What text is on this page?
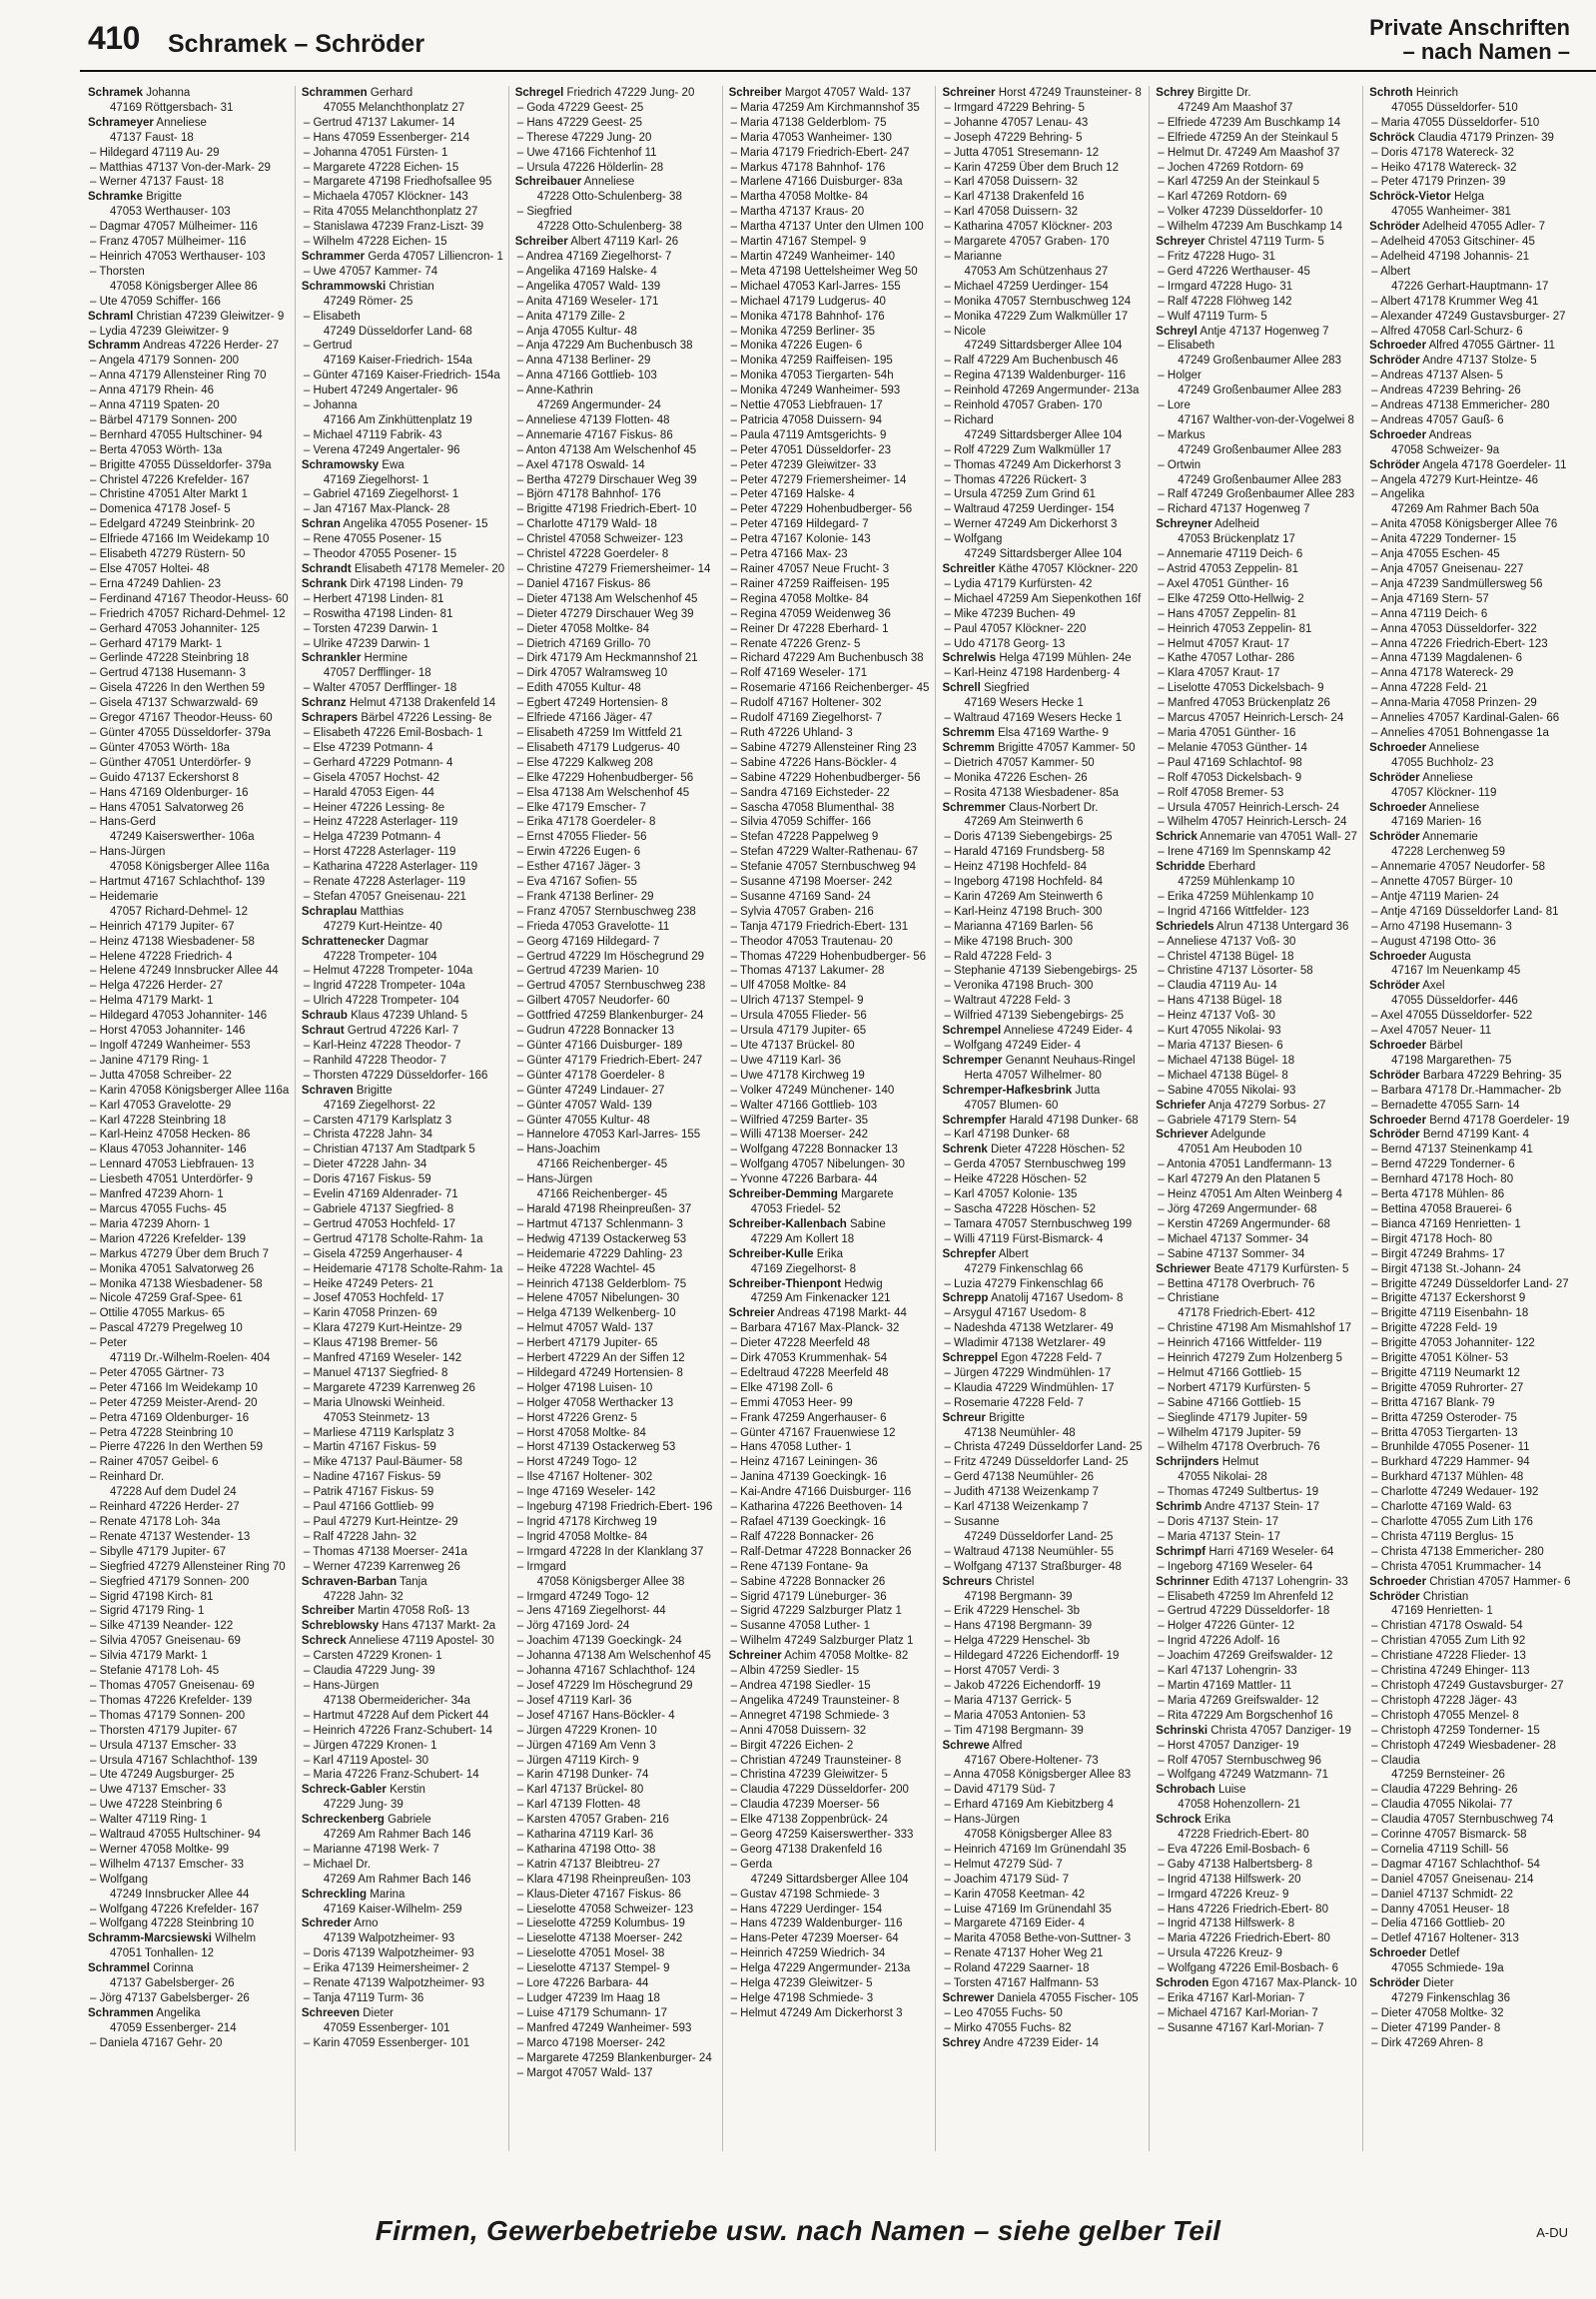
410 Schramek – Schröder
Private Anschriften
– nach Namen –
Schramek Johanna
47169 Röttgersbach- 31
Schrameyer Anneliese
47137 Faust- 18
– Hildegard 47119 Au- 29
– Matthias 47137 Von-der-Mark- 29
– Werner 47137 Faust- 18
Schramke Brigitte
47053 Werthauser- 103
– Dagmar 47057 Mülheimer- 116
– Franz 47057 Mülheimer- 116
– Heinrich 47053 Werthauser- 103
– Thorsten
47058 Königsberger Allee 86
– Ute 47059 Schiffer- 166
Schraml Christian 47239 Gleiwitzer- 9
– Lydia 47239 Gleiwitzer- 9
Schramm Andreas 47226 Herder- 27
– Angela 47179 Sonnen- 200
– Anna 47179 Allensteiner Ring 70
– Anna 47179 Rhein- 46
– Anna 47119 Spaten- 20
– Bärbel 47179 Sonnen- 200
– Bernhard 47055 Hultschiner- 94
– Berta 47053 Wörth- 13a
– Brigitte 47055 Düsseldorfer- 379a
– Christel 47226 Krefelder- 167
– Christine 47051 Alter Markt 1
– Domenica 47178 Josef- 5
– Edelgard 47249 Steinbrink- 20
– Elfriede 47166 Im Weidekamp 10
– Elisabeth 47279 Rüstern- 50
– Else 47057 Holtei- 48
– Erna 47249 Dahlien- 23
– Ferdinand 47167 Theodor-Heuss- 60
– Friedrich 47057 Richard-Dehmel- 12
– Gerhard 47053 Johanniter- 125
– Gerhard 47179 Markt- 1
– Gerlinde 47228 Steinbring 18
– Gertrud 47138 Husemann- 3
– Gisela 47226 In den Werthen 59
– Gisela 47137 Schwarzwald- 69
– Gregor 47167 Theodor-Heuss- 60
– Günter 47055 Düsseldorfer- 379a
– Günter 47053 Wörth- 18a
– Günther 47051 Unterdörfer- 9
– Guido 47137 Eckershorst 8
– Hans 47169 Oldenburger- 16
– Hans 47051 Salvatorweg 26
– Hans-Gerd
47249 Kaiserswerther- 106a
– Hans-Jürgen
47058 Königsberger Allee 116a
– Hartmut 47167 Schlachthof- 139
– Heidemarie
47057 Richard-Dehmel- 12
– Heinrich 47179 Jupiter- 67
– Heinz 47138 Wiesbadener- 58
– Helene 47228 Friedrich- 4
– Helene 47249 Innsbrucker Allee 44
– Helga 47226 Herder- 27
– Helma 47179 Markt- 1
– Hildegard 47053 Johanniter- 146
– Horst 47053 Johanniter- 146
– Ingolf 47249 Wanheimer- 553
– Janine 47179 Ring- 1
– Jutta 47058 Schreiber- 22
– Karin 47058 Königsberger Allee 116a
– Karl 47053 Gravelotte- 29
– Karl 47228 Steinbring 18
– Karl-Heinz 47058 Hecken- 86
– Klaus 47053 Johanniter- 146
– Lennard 47053 Liebfrauen- 13
– Liesbeth 47051 Unterdörfer- 9
– Manfred 47239 Ahorn- 1
– Marcus 47055 Fuchs- 45
– Maria 47239 Ahorn- 1
– Marion 47226 Krefelder- 139
– Markus 47279 Über dem Bruch 7
– Monika 47051 Salvatorweg 26
– Monika 47138 Wiesbadener- 58
– Nicole 47259 Graf-Spee- 61
– Ottilie 47055 Markus- 65
– Pascal 47279 Pregelweg 10
– Peter
47119 Dr.-Wilhelm-Roelen- 404
– Peter 47055 Gärtner- 73
– Peter 47166 Im Weidekamp 10
– Peter 47259 Meister-Arend- 20
– Petra 47169 Oldenburger- 16
– Petra 47228 Steinbring 10
– Pierre 47226 In den Werthen 59
– Rainer 47057 Geibel- 6
– Reinhard Dr.
47228 Auf dem Dudel 24
– Reinhard 47226 Herder- 27
– Renate 47178 Loh- 34a
– Renate 47137 Westender- 13
– Sibylle 47179 Jupiter- 67
– Siegfried 47279 Allensteiner Ring 70
– Siegfried 47179 Sonnen- 200
– Sigrid 47198 Kirch- 81
– Sigrid 47179 Ring- 1
– Silke 47139 Neander- 122
– Silvia 47057 Gneisenau- 69
– Silvia 47179 Markt- 1
– Stefanie 47178 Loh- 45
– Thomas 47057 Gneisenau- 69
– Thomas 47226 Krefelder- 139
– Thomas 47179 Sonnen- 200
– Thorsten 47179 Jupiter- 67
– Ursula 47137 Emscher- 33
– Ursula 47167 Schlachthof- 139
– Ute 47249 Augsburger- 25
– Uwe 47137 Emscher- 33
– Uwe 47228 Steinbring 6
– Walter 47119 Ring- 1
– Waltraud 47055 Hultschiner- 94
– Werner 47058 Moltke- 99
– Wilhelm 47137 Emscher- 33
– Wolfgang
47249 Innsbrucker Allee 44
– Wolfgang 47226 Krefelder- 167
– Wolfgang 47228 Steinbring 10
Schramm-Marcsiewski Wilhelm
47051 Tonhallen- 12
Schrammel Corinna
47137 Gabelsberger- 26
– Jörg 47137 Gabelsberger- 26
Schrammen Angelika
47059 Essenberger- 214
– Daniela 47167 Gehr- 20
Schrammen Gerhard
47055 Melanchthonplatz 27
– Gertrud 47137 Lakumer- 14
– Hans 47059 Essenberger- 214
– Johanna 47051 Fürsten- 1
– Margarete 47228 Eichen- 15
– Margarete 47198 Friedhofsallee 95
– Michaela 47057 Klöckner- 143
– Rita 47055 Melanchthonplatz 27
– Stanislawa 47239 Franz-Liszt- 39
– Wilhelm 47228 Eichen- 15
Schrammer Gerda 47057 Lilliencron- 1
– Uwe 47057 Kammer- 74
Schrammowski Christian
47249 Römer- 25
– Elisabeth
47249 Düsseldorfer Land- 68
– Gertrud
47169 Kaiser-Friedrich- 154a
– Günter 47169 Kaiser-Friedrich- 154a
– Hubert 47249 Angertaler- 96
– Johanna
47166 Am Zinkhüttenplatz 19
– Michael 47119 Fabrik- 43
– Verena 47249 Angertaler- 96
Schramowsky Ewa
47169 Ziegelhorst- 1
– Gabriel 47169 Ziegelhorst- 1
– Jan 47167 Max-Planck- 28
Schran Angelika 47055 Posener- 15
– Rene 47055 Posener- 15
– Theodor 47055 Posener- 15
Schrandt Elisabeth 47178 Memeler- 20
Schrank Dirk 47198 Linden- 79
– Herbert 47198 Linden- 81
– Roswitha 47198 Linden- 81
– Torsten 47239 Darwin- 1
– Ulrike 47239 Darwin- 1
Schrankler Hermine
47057 Derfflinger- 18
– Walter 47057 Derfflinger- 18
Schranz Helmut 47138 Drakenfeld 14
Schrapers Bärbel 47226 Lessing- 8e
– Elisabeth 47226 Emil-Bosbach- 1
– Else 47239 Potmann- 4
– Gerhard 47229 Potmann- 4
– Gisela 47057 Hochst- 42
– Harald 47053 Eigen- 44
– Heiner 47226 Lessing- 8e
– Heinz 47228 Asterlager- 119
– Helga 47239 Potmann- 4
– Horst 47228 Asterlager- 119
– Katharina 47228 Asterlager- 119
– Renate 47228 Asterlager- 119
– Stefan 47057 Gneisenau- 221
Schraplau Matthias
47279 Kurt-Heintze- 40
Schrattenecker Dagmar
47228 Trompeter- 104
– Helmut 47228 Trompeter- 104a
– Ingrid 47228 Trompeter- 104a
– Ulrich 47228 Trompeter- 104
Schraub Klaus 47239 Uhland- 5
Schraut Gertrud 47226 Karl- 7
– Karl-Heinz 47228 Theodor- 7
– Ranhild 47228 Theodor- 7
– Thorsten 47229 Düsseldorfer- 166
Schraven Brigitte
47169 Ziegelhorst- 22
– Carsten 47179 Karlsplatz 3
– Christa 47228 Jahn- 34
– Christian 47137 Am Stadtpark 5
– Dieter 47228 Jahn- 34
– Doris 47167 Fiskus- 59
– Evelin 47169 Aldenrader- 71
– Gabriele 47137 Siegfried- 8
– Gertrud 47053 Hochfeld- 17
– Gertrud 47178 Scholte-Rahm- 1a
– Gisela 47259 Angerhauser- 4
– Heidemarie 47178 Scholte-Rahm- 1a
– Heike 47249 Peters- 21
– Josef 47053 Hochfeld- 17
– Karin 47058 Prinzen- 69
– Klara 47279 Kurt-Heintze- 29
– Klaus 47198 Bremer- 56
– Manfred 47169 Weseler- 142
– Manuel 47137 Siegfried- 8
– Margarete 47239 Karrenweg 26
– Maria Ulnowski Weinheid.
47053 Steinmetz- 13
– Marliese 47119 Karlsplatz 3
– Martin 47167 Fiskus- 59
– Mike 47137 Paul-Bäumer- 58
– Nadine 47167 Fiskus- 59
– Patrik 47167 Fiskus- 59
– Paul 47166 Gottlieb- 99
– Paul 47279 Kurt-Heintze- 29
– Ralf 47228 Jahn- 32
– Thomas 47138 Moerser- 241a
– Werner 47239 Karrenweg 26
Schraven-Barban Tanja
47228 Jahn- 32
Schreiber Martin 47058 Roß- 13
Schreblowsky Hans 47137 Markt- 2a
Schreck Anneliese 47119 Apostel- 30
– Carsten 47229 Kronen- 1
– Claudia 47229 Jung- 39
– Hans-Jürgen
47138 Obermeidericher- 34a
– Hartmut 47228 Auf dem Pickert 44
– Heinrich 47226 Franz-Schubert- 14
– Jürgen 47229 Kronen- 1
– Karl 47119 Apostel- 30
– Maria 47226 Franz-Schubert- 14
Schreck-Gabler Kerstin
47229 Jung- 39
Schreckenberg Gabriele
47269 Am Rahmer Bach 146
– Marianne 47198 Werk- 7
– Michael Dr.
47269 Am Rahmer Bach 146
Schreckling Marina
47169 Kaiser-Wilhelm- 259
Schreder Arno
47139 Walpotzheimer- 93
– Doris 47139 Walpotzheimer- 93
– Erika 47139 Heimersheimer- 2
– Renate 47139 Walpotzheimer- 93
– Tanja 47119 Turm- 36
Schreeven Dieter
47059 Essenberger- 101
– Karin 47059 Essenberger- 101
Schregel Friedrich 47229 Jung- 20
– Goda 47229 Geest- 25
– Hans 47229 Geest- 25
– Therese 47229 Jung- 20
– Uwe 47166 Fichtenhof 11
– Ursula 47226 Hölderlin- 28
Schreibauer Anneliese
47228 Otto-Schulenberg- 38
– Siegfried
47228 Otto-Schulenberg- 38
Schreiber Albert 47119 Karl- 26
– Andrea 47169 Ziegelhorst- 7
– Angelika 47169 Halske- 4
– Angelika 47057 Wald- 139
– Anita 47169 Weseler- 171
– Anita 47179 Zille- 2
– Anja 47055 Kultur- 48
– Anja 47229 Am Buchenbusch 38
– Anna 47138 Berliner- 29
– Anna 47166 Gottlieb- 103
– Anne-Kathrin
47269 Angermunder- 24
– Anneliese 47139 Flotten- 48
– Annemarie 47167 Fiskus- 86
– Anton 47138 Am Welschenhof 45
– Axel 47178 Oswald- 14
– Bertha 47279 Dirschauer Weg 39
– Björn 47178 Bahnhof- 176
– Brigitte 47198 Friedrich-Ebert- 10
– Charlotte 47179 Wald- 18
– Christel 47058 Schweizer- 123
– Christel 47228 Goerdeler- 8
– Christine 47279 Friemersheimer- 14
– Daniel 47167 Fiskus- 86
– Dieter 47138 Am Welschenhof 45
– Dieter 47279 Dirschauer Weg 39
– Dieter 47058 Moltke- 84
– Dietrich 47169 Grillo- 70
– Dirk 47179 Am Heckmannshof 21
– Dirk 47057 Walramsweg 10
– Edith 47055 Kultur- 48
– Egbert 47249 Hortensien- 8
– Elfriede 47166 Jäger- 47
– Elisabeth 47259 Im Wittfeld 21
– Elisabeth 47179 Ludgerus- 40
– Else 47229 Kalkweg 208
– Elke 47229 Hohenbudberger- 56
– Elsa 47138 Am Welschenhof 45
– Elke 47179 Emscher- 7
– Erika 47178 Goerdeler- 8
– Ernst 47055 Flieder- 56
– Erwin 47226 Eugen- 6
– Esther 47167 Jäger- 3
– Eva 47167 Sofien- 55
– Frank 47138 Berliner- 29
– Franz 47057 Sternbuschweg 238
– Frieda 47053 Gravelotte- 11
– Georg 47169 Hildegard- 7
– Gertrud 47229 Im Höschegrund 29
– Gertrud 47239 Marien- 10
– Gertrud 47057 Sternbuschweg 238
– Gilbert 47057 Neudorfer- 60
– Gottfried 47259 Blankenburger- 24
– Gudrun 47228 Bonnacker 13
– Günter 47166 Duisburger- 189
– Günter 47179 Friedrich-Ebert- 247
– Günter 47178 Goerdeler- 8
– Günter 47249 Lindauer- 27
– Günter 47057 Wald- 139
– Günter 47055 Kultur- 48
– Hannelore 47053 Karl-Jarres- 155
– Hans-Joachim
47166 Reichenberger- 45
– Hans-Jürgen
47166 Reichenberger- 45
– Harald 47198 Rheinpreußen- 37
– Hartmut 47137 Schlenmann- 3
– Hedwig 47139 Ostackerweg 53
– Heidemarie 47229 Dahling- 23
– Heike 47228 Wachtel- 45
– Heinrich 47138 Gelderblom- 75
– Helene 47057 Nibelungen- 30
– Helga 47139 Welkenberg- 10
– Helmut 47057 Wald- 137
– Herbert 47179 Jupiter- 65
– Herbert 47229 An der Siffen 12
– Hildegard 47249 Hortensien- 8
– Holger 47198 Luisen- 10
– Holger 47058 Werthacker 13
– Horst 47226 Grenz- 5
– Horst 47058 Moltke- 84
– Horst 47139 Ostackerweg 53
– Horst 47249 Togo- 12
– Ilse 47167 Holtener- 302
– Inge 47169 Weseler- 142
– Ingeburg 47198 Friedrich-Ebert- 196
– Ingrid 47178 Kirchweg 19
– Ingrid 47058 Moltke- 84
– Irmgard 47228 In der Klanklang 37
– Irmgard
47058 Königsberger Allee 38
– Irmgard 47249 Togo- 12
– Jens 47169 Ziegelhorst- 44
– Jörg 47169 Jord- 24
– Joachim 47139 Goeckingk- 24
– Johanna 47138 Am Welschenhof 45
– Johanna 47167 Schlachthof- 124
– Josef 47229 Im Höschegrund 29
– Josef 47119 Karl- 36
– Josef 47167 Hans-Böckler- 4
– Jürgen 47229 Kronen- 10
– Jürgen 47169 Am Venn 3
– Jürgen 47119 Kirch- 9
– Karin 47198 Dunker- 74
– Karl 47137 Brückel- 80
– Karl 47139 Flotten- 48
– Karsten 47057 Graben- 216
– Katharina 47119 Karl- 36
– Katharina 47198 Otto- 38
– Katrin 47137 Bleibtreu- 27
– Klara 47198 Rheinpreußen- 103
– Klaus-Dieter 47167 Fiskus- 86
– Lieselotte 47058 Schweizer- 123
– Lieselotte 47259 Kolumbus- 19
– Lieselotte 47138 Moerser- 242
– Lieselotte 47051 Mosel- 38
– Lieselotte 47137 Stempel- 9
– Lore 47226 Barbara- 44
– Ludger 47239 Im Haag 18
– Luise 47179 Schumann- 17
– Manfred 47249 Wanheimer- 593
– Marco 47198 Moerser- 242
– Margarete 47259 Blankenburger- 24
– Margot 47057 Wald- 137
Schreiber Margot 47057 Wald- 137
– Maria 47259 Am Kirchmannshof 35
– Maria 47138 Gelderblom- 75
– Maria 47053 Wanheimer- 130
– Maria 47179 Friedrich-Ebert- 247
– Markus 47178 Bahnhof- 176
– Marlene 47166 Duisburger- 83a
– Martha 47058 Moltke- 84
– Martha 47137 Kraus- 20
– Martha 47137 Unter den Ulmen 100
– Martin 47167 Stempel- 9
– Martin 47249 Wanheimer- 140
– Meta 47198 Uettelsheimer Weg 50
– Michael 47053 Karl-Jarres- 155
– Michael 47179 Ludgerus- 40
– Monika 47178 Bahnhof- 176
– Monika 47259 Berliner- 35
– Monika 47226 Eugen- 6
– Monika 47259 Raiffeisen- 195
– Monika 47053 Tiergarten- 54h
– Monika 47249 Wanheimer- 593
– Nettie 47053 Liebfrauen- 17
– Patricia 47058 Duissern- 94
– Paula 47119 Amtsgerichts- 9
– Peter 47051 Düsseldorfer- 23
– Peter 47239 Gleiwitzer- 33
– Peter 47279 Friemersheimer- 14
– Peter 47169 Halske- 4
– Peter 47229 Hohenbudberger- 56
– Peter 47169 Hildegard- 7
– Petra 47167 Kolonie- 143
– Petra 47166 Max- 23
– Rainer 47057 Neue Frucht- 3
– Rainer 47259 Raiffeisen- 195
– Regina 47058 Moltke- 84
– Regina 47059 Weidenweg 36
– Reiner Dr 47228 Eberhard- 1
– Renate 47226 Grenz- 5
– Richard 47229 Am Buchenbusch 38
– Rolf 47169 Weseler- 171
– Rosemarie 47166 Reichenberger- 45
– Rudolf 47167 Holtener- 302
– Rudolf 47169 Ziegelhorst- 7
– Ruth 47226 Uhland- 3
– Sabine 47279 Allensteiner Ring 23
– Sabine 47226 Hans-Böckler- 4
– Sabine 47229 Hohenbudberger- 56
– Sandra 47169 Eichsteder- 22
– Sascha 47058 Blumenthal- 38
– Silvia 47059 Schiffer- 166
– Stefan 47228 Pappelweg 9
– Stefan 47229 Walter-Rathenau- 67
– Stefanie 47057 Sternbuschweg 94
– Susanne 47198 Moerser- 242
– Susanne 47169 Sand- 24
– Sylvia 47057 Graben- 216
– Tanja 47179 Friedrich-Ebert- 131
– Theodor 47053 Trautenau- 20
– Thomas 47229 Hohenbudberger- 56
– Thomas 47137 Lakumer- 28
– Ulf 47058 Moltke- 84
– Ulrich 47137 Stempel- 9
– Ursula 47055 Flieder- 56
– Ursula 47179 Jupiter- 65
– Ute 47137 Brückel- 80
– Uwe 47119 Karl- 36
– Uwe 47178 Kirchweg 19
– Volker 47249 Münchener- 140
– Walter 47166 Gottlieb- 103
– Wilfried 47259 Barter- 35
– Willi 47138 Moerser- 242
– Wolfgang 47228 Bonnacker 13
– Wolfgang 47057 Nibelungen- 30
– Yvonne 47226 Barbara- 44
Schreiber-Demming Margarete
47053 Friedel- 52
Schreiber-Kallenbach Sabine
47229 Am Kollert 18
Schreiber-Kulle Erika
47169 Ziegelhorst- 8
Schreiber-Thienpont Hedwig
47259 Am Finkenacker 121
Schreier Andreas 47198 Markt- 44
– Barbara 47167 Max-Planck- 32
– Dieter 47228 Meerfeld 48
– Dirk 47053 Krummenhak- 54
– Edeltraud 47228 Meerfeld 48
– Elke 47198 Zoll- 6
– Emmi 47053 Heer- 99
– Frank 47259 Angerhauser- 6
– Günter 47167 Frauenwiese 12
– Hans 47058 Luther- 1
– Heinz 47167 Leiningen- 36
– Janina 47139 Goeckingk- 16
– Kai-Andre 47166 Duisburger- 116
– Katharina 47226 Beethoven- 14
– Rafael 47139 Goeckingk- 16
– Ralf 47228 Bonnacker- 26
– Ralf-Detmar 47228 Bonnacker 26
– Rene 47139 Fontane- 9a
– Sabine 47228 Bonnacker 26
– Sigrid 47179 Lüneburger- 36
– Sigrid 47229 Salzburger Platz 1
– Susanne 47058 Luther- 1
– Wilhelm 47249 Salzburger Platz 1
Schreiner Achim 47058 Moltke- 82
– Albin 47259 Siedler- 15
– Andrea 47198 Siedler- 15
– Angelika 47249 Traunsteiner- 8
– Annegret 47198 Schmiede- 3
– Anni 47058 Duissern- 32
– Birgit 47226 Eichen- 2
– Christian 47249 Traunsteiner- 8
– Christina 47239 Gleiwitzer- 5
– Claudia 47229 Düsseldorfer- 200
– Claudia 47239 Moerser- 56
– Elke 47138 Zoppenbrück- 24
– Georg 47259 Kaiserswerther- 333
– Georg 47138 Drakenfeld 16
– Gerda
47249 Sittardsberger Allee 104
– Gustav 47198 Schmiede- 3
– Hans 47229 Uerdinger- 154
– Hans 47239 Waldenburger- 116
– Hans-Peter 47239 Moerser- 64
– Heinrich 47259 Wiedrich- 34
– Helga 47229 Angermunder- 213a
– Helga 47239 Gleiwitzer- 5
– Helge 47198 Schmiede- 3
– Helmut 47249 Am Dickerhorst 3
Schreiner Horst 47249 Traunsteiner- 8
– Irmgard 47229 Behring- 5
– Johanne 47057 Lenau- 43
– Joseph 47229 Behring- 5
– Jutta 47051 Stresemann- 12
– Karin 47259 Über dem Bruch 12
– Karl 47058 Duissern- 32
– Karl 47138 Drakenfeld 16
– Karl 47058 Duissern- 32
– Katharina 47057 Klöckner- 203
– Margarete 47057 Graben- 170
– Marianne
47053 Am Schützenhaus 27
– Michael 47259 Uerdinger- 154
– Monika 47057 Sternbuschweg 124
– Monika 47229 Zum Walkmüller 17
– Nicole
47249 Sittardsberger Allee 104
– Ralf 47229 Am Buchenbusch 46
– Regina 47139 Waldenburger- 116
– Reinhold 47269 Angermunder- 213a
– Reinhold 47057 Graben- 170
– Richard
47249 Sittardsberger Allee 104
– Rolf 47229 Zum Walkmüller 17
– Thomas 47249 Am Dickerhorst 3
– Thomas 47226 Rückert- 3
– Ursula 47259 Zum Grind 61
– Waltraud 47259 Uerdinger- 154
– Werner 47249 Am Dickerhorst 3
– Wolfgang
47249 Sittardsberger Allee 104
Schreitler Käthe 47057 Klöckner- 220
– Lydia 47179 Kurfürsten- 42
– Michael 47259 Am Siepenkothen 16f
– Mike 47239 Buchen- 49
– Paul 47057 Klöckner- 220
– Udo 47178 Georg- 13
Schrelwis Helga 47199 Mühlen- 24e
– Karl-Heinz 47198 Hardenberg- 4
Schrell Siegfried
47169 Wesers Hecke 1
– Waltraud 47169 Wesers Hecke 1
Schremm Elsa 47169 Warthe- 9
Schremm Brigitte 47057 Kammer- 50
– Dietrich 47057 Kammer- 50
– Monika 47226 Eschen- 26
– Rosita 47138 Wiesbadener- 85a
Schremmer Claus-Norbert Dr.
47269 Am Steinwerth 6
– Doris 47139 Siebengebirgs- 25
– Harald 47169 Frundsberg- 58
– Heinz 47198 Hochfeld- 84
– Ingeborg 47198 Hochfeld- 84
– Karin 47269 Am Steinwerth 6
– Karl-Heinz 47198 Bruch- 300
– Marianna 47169 Barlen- 56
– Mike 47198 Bruch- 300
– Rald 47228 Feld- 3
– Stephanie 47139 Siebengebirgs- 25
– Veronika 47198 Bruch- 300
– Waltraut 47228 Feld- 3
– Wilfried 47139 Siebengebirgs- 25
Schrempel Anneliese 47249 Eider- 4
– Wolfgang 47249 Eider- 4
Schremper Genannt Neuhaus-Ringel
Herta 47057 Wilhelmer- 80
Schremper-Hafkesbrink Jutta
47057 Blumen- 60
Schrempfer Harald 47198 Dunker- 68
– Karl 47198 Dunker- 68
Schrenk Dieter 47228 Höschen- 52
– Gerda 47057 Sternbuschweg 199
– Heike 47228 Höschen- 52
– Karl 47057 Kolonie- 135
– Sascha 47228 Höschen- 52
– Tamara 47057 Sternbuschweg 199
– Willi 47119 Fürst-Bismarck- 4
Schrepfer Albert
47279 Finkenschlag 66
– Luzia 47279 Finkenschlag 66
Schrepp Anatolij 47167 Usedom- 8
– Arsygul 47167 Usedom- 8
– Nadeshda 47138 Wetzlarer- 49
– Wladimir 47138 Wetzlarer- 49
Schreppel Egon 47228 Feld- 7
– Jürgen 47229 Windmühlen- 17
– Klaudia 47229 Windmühlen- 17
– Rosemarie 47228 Feld- 7
Schreur Brigitte
47138 Neumühler- 48
– Christa 47249 Düsseldorfer Land- 25
– Fritz 47249 Düsseldorfer Land- 25
– Gerd 47138 Neumühler- 26
– Judith 47138 Weizenkamp 7
– Karl 47138 Weizenkamp 7
– Susanne
47249 Düsseldorfer Land- 25
– Waltraud 47138 Neumühler- 55
– Wolfgang 47137 Straßburger- 48
Schreurs Christel
47198 Bergmann- 39
– Erik 47229 Henschel- 3b
– Hans 47198 Bergmann- 39
– Helga 47229 Henschel- 3b
– Hildegard 47226 Eichendorff- 19
– Horst 47057 Verdi- 3
– Jakob 47226 Eichendorff- 19
– Maria 47137 Gerrick- 5
– Maria 47053 Antonien- 53
– Tim 47198 Bergmann- 39
Schrewe Alfred
47167 Obere-Holtener- 73
– Anna 47058 Königsberger Allee 83
– David 47179 Süd- 7
– Erhard 47169 Am Kiebitzberg 4
– Hans-Jürgen
47058 Königsberger Allee 83
– Heinrich 47169 Im Grünendahl 35
– Helmut 47279 Süd- 7
– Joachim 47179 Süd- 7
– Karin 47058 Keetman- 42
– Luise 47169 Im Grünendahl 35
– Margarete 47169 Eider- 4
– Marita 47058 Bethe-von-Suttner- 3
– Renate 47137 Hoher Weg 21
– Roland 47229 Saarner- 18
– Torsten 47167 Halfmann- 53
Schrewer Daniela 47055 Fischer- 105
– Leo 47055 Fuchs- 50
– Mirko 47055 Fuchs- 82
Schrey Andre 47239 Eider- 14
Schrey Birgitte Dr.
47249 Am Maashof 37
– Elfriede 47239 Am Buschkamp 14
– Elfriede 47259 An der Steinkaul 5
– Helmut Dr. 47249 Am Maashof 37
– Jochen 47269 Rotdorn- 69
– Karl 47259 An der Steinkaul 5
– Karl 47269 Rotdorn- 69
– Volker 47239 Düsseldorfer- 10
– Wilhelm 47239 Am Buschkamp 14
Schreyer Christel 47119 Turm- 5
– Fritz 47228 Hugo- 31
– Gerd 47226 Werthauser- 45
– Irmgard 47228 Hugo- 31
– Ralf 47228 Flöhweg 142
– Wulf 47119 Turm- 5
Schreyl Antje 47137 Hogenweg 7
– Elisabeth
47249 Großenbaumer Allee 283
– Holger
47249 Großenbaumer Allee 283
– Lore
47167 Walther-von-der-Vogelwei 8
– Markus
47249 Großenbaumer Allee 283
– Ortwin
47249 Großenbaumer Allee 283
– Ralf 47249 Großenbaumer Allee 283
– Richard 47137 Hogenweg 7
Schreyner Adelheid
47053 Brückenplatz 17
– Annemarie 47119 Deich- 6
– Astrid 47053 Zeppelin- 81
– Axel 47051 Günther- 16
– Elke 47259 Otto-Hellwig- 2
– Hans 47057 Zeppelin- 81
– Heinrich 47053 Zeppelin- 81
– Helmut 47057 Kraut- 17
– Kathe 47057 Lothar- 286
– Klara 47057 Kraut- 17
– Liselotte 47053 Dickelsbach- 9
– Manfred 47053 Brückenplatz 26
– Marcus 47057 Heinrich-Lersch- 24
– Maria 47051 Günther- 16
– Melanie 47053 Günther- 14
– Paul 47169 Schlachtof- 98
– Rolf 47053 Dickelsbach- 9
– Rolf 47058 Bremer- 53
– Ursula 47057 Heinrich-Lersch- 24
– Wilhelm 47057 Heinrich-Lersch- 24
Schrick Annemarie van 47051 Wall- 27
– Irene 47169 Im Spennskamp 42
Schridde Eberhard
47259 Mühlenkamp 10
– Erika 47259 Mühlenkamp 10
– Ingrid 47166 Wittfelder- 123
Schriedels Alrun 47138 Untergard 36
– Anneliese 47137 Voß- 30
– Christel 47138 Bügel- 18
– Christine 47137 Lösorter- 58
– Claudia 47119 Au- 14
– Hans 47138 Bügel- 18
– Heinz 47137 Voß- 30
– Kurt 47055 Nikolai- 93
– Maria 47137 Biesen- 6
– Michael 47138 Bügel- 18
– Michael 47138 Bügel- 8
– Sabine 47055 Nikolai- 93
Schriefer Anja 47279 Sorbus- 27
– Gabriele 47179 Stern- 54
Schriever Adelgunde
47051 Am Heuboden 10
– Antonia 47051 Landfermann- 13
– Karl 47279 An den Platanen 5
– Heinz 47051 Am Alten Weinberg 4
– Jörg 47269 Angermunder- 68
– Kerstin 47269 Angermunder- 68
– Michael 47137 Sommer- 34
– Sabine 47137 Sommer- 34
Schriewer Beate 47179 Kurfürsten- 5
– Bettina 47178 Overbruch- 76
– Christiane
47178 Friedrich-Ebert- 412
– Christine 47198 Am Mismahlshof 17
– Heinrich 47166 Wittfelder- 119
– Heinrich 47279 Zum Holzenberg 5
– Helmut 47166 Gottlieb- 15
– Norbert 47179 Kurfürsten- 5
– Sabine 47166 Gottlieb- 15
– Sieglinde 47179 Jupiter- 59
– Wilhelm 47179 Jupiter- 59
– Wilhelm 47178 Overbruch- 76
Schrijnders Helmut
47055 Nikolai- 28
– Thomas 47249 Sultbertus- 19
Schrimb Andre 47137 Stein- 17
– Doris 47137 Stein- 17
– Maria 47137 Stein- 17
Schrimpf Harri 47169 Weseler- 64
– Ingeborg 47169 Weseler- 64
Schrinner Edith 47137 Lohengrin- 33
– Elisabeth 47259 Im Ahrenfeld 12
– Gertrud 47229 Düsseldorfer- 18
– Holger 47226 Günter- 12
– Ingrid 47226 Adolf- 16
– Joachim 47269 Greifswalder- 12
– Karl 47137 Lohengrin- 33
– Martin 47169 Mattler- 11
– Maria 47269 Greifswalder- 12
– Rita 47229 Am Borgschenhof 16
Schrinski Christa 47057 Danziger- 19
– Horst 47057 Danziger- 19
– Rolf 47057 Sternbuschweg 96
– Wolfgang 47249 Watzmann- 71
Schrobach Luise
47058 Hohenzollern- 21
Schrock Erika
47228 Friedrich-Ebert- 80
– Eva 47226 Emil-Bosbach- 6
– Gaby 47138 Halbertsberg- 8
– Ingrid 47138 Hilfswerk- 20
– Irmgard 47226 Kreuz- 9
– Hans 47226 Friedrich-Ebert- 80
– Ingrid 47138 Hilfswerk- 8
– Maria 47226 Friedrich-Ebert- 80
– Ursula 47226 Kreuz- 9
– Wolfgang 47226 Emil-Bosbach- 6
Schroden Egon 47167 Max-Planck- 10
– Erika 47167 Karl-Morian- 7
– Michael 47167 Karl-Morian- 7
– Susanne 47167 Karl-Morian- 7
Schroth Heinrich
47055 Düsseldorfer- 510
– Maria 47055 Düsseldorfer- 510
Schröck Claudia 47179 Prinzen- 39
– Doris 47178 Watereck- 32
– Heiko 47178 Watereck- 32
– Peter 47179 Prinzen- 39
Schröck-Vietor Helga
47055 Wanheimer- 381
Schröder Adelheid 47055 Adler- 7
– Adelheid 47053 Gitschiner- 45
– Adelheid 47198 Johannis- 21
– Albert
47226 Gerhart-Hauptmann- 17
– Albert 47178 Krummer Weg 41
– Alexander 47249 Gustavsburger- 27
– Alfred 47058 Carl-Schurz- 6
Schroeder Alfred 47055 Gärtner- 11
Schröder Andre 47137 Stolze- 5
– Andreas 47137 Alsen- 5
– Andreas 47239 Behring- 26
– Andreas 47138 Emmericher- 280
– Andreas 47057 Gauß- 6
Schroeder Andreas
47058 Schweizer- 9a
Schröder Angela 47178 Goerdeler- 11
– Angela 47279 Kurt-Heintze- 46
– Angelika
47269 Am Rahmer Bach 50a
– Anita 47058 Königsberger Allee 76
– Anita 47229 Tonderner- 15
– Anja 47055 Eschen- 45
– Anja 47057 Gneisenau- 227
– Anja 47239 Sandmüllersweg 56
– Anja 47169 Stern- 57
– Anna 47119 Deich- 6
– Anna 47053 Düsseldorfer- 322
– Anna 47226 Friedrich-Ebert- 123
– Anna 47139 Magdalenen- 6
– Anna 47178 Watereck- 29
– Anna 47228 Feld- 21
– Anna-Maria 47058 Prinzen- 29
– Annelies 47057 Kardinal-Galen- 66
– Annelies 47051 Bohnengasse 1a
Schroeder Anneliese
47055 Buchholz- 23
Schröder Anneliese
47057 Klöckner- 119
Schroeder Anneliese
47169 Marien- 16
Schröder Annemarie
47228 Lerchenweg 59
– Annemarie 47057 Neudorfer- 58
– Annette 47057 Bürger- 10
– Antje 47119 Marien- 24
– Antje 47169 Düsseldorfer Land- 81
– Arno 47198 Husemann- 3
– August 47198 Otto- 36
Schroeder Augusta
47167 Im Neuenkamp 45
Schröder Axel
47055 Düsseldorfer- 446
– Axel 47055 Düsseldorfer- 522
– Axel 47057 Neuer- 11
Schroeder Bärbel
47198 Margarethen- 75
Schröder Barbara 47229 Behring- 35
– Barbara 47178 Dr.-Hammacher- 2b
– Bernadette 47055 Sarn- 14
Schroeder Bernd 47178 Goerdeler- 19
Schröder Bernd 47199 Kant- 4
– Bernd 47137 Steinenkamp 41
– Bernd 47229 Tonderner- 6
– Bernhard 47178 Hoch- 80
– Berta 47178 Mühlen- 86
– Bettina 47058 Brauerei- 6
– Bianca 47169 Henrietten- 1
– Birgit 47178 Hoch- 80
– Birgit 47249 Brahms- 17
– Birgit 47138 St.-Johann- 24
– Brigitte 47249 Düsseldorfer Land- 27
– Brigitte 47137 Eckershorst 9
– Brigitte 47119 Eisenbahn- 18
– Brigitte 47228 Feld- 19
– Brigitte 47053 Johanniter- 122
– Brigitte 47051 Kölner- 53
– Brigitte 47119 Neumarkt 12
– Brigitte 47059 Ruhrorter- 27
– Britta 47167 Blank- 79
– Britta 47259 Osteroder- 75
– Britta 47053 Tiergarten- 13
– Brunhilde 47055 Posener- 11
– Burkhard 47229 Hammer- 94
– Burkhard 47137 Mühlen- 48
– Charlotte 47249 Wedauer- 192
– Charlotte 47169 Wald- 63
– Charlotte 47055 Zum Lith 176
– Christa 47119 Berglus- 15
– Christa 47138 Emmericher- 280
– Christa 47051 Krummacher- 14
Schroeder Christian 47057 Hammer- 6
Schröder Christian
47169 Henrietten- 1
– Christian 47178 Oswald- 54
– Christian 47055 Zum Lith 92
– Christiane 47228 Flieder- 13
– Christina 47249 Ehinger- 113
– Christoph 47249 Gustavsburger- 27
– Christoph 47228 Jäger- 43
– Christoph 47055 Menzel- 8
– Christoph 47259 Tonderner- 15
– Christoph 47249 Wiesbadener- 28
– Claudia
47259 Bernsteiner- 26
– Claudia 47229 Behring- 26
– Claudia 47055 Nikolai- 77
– Claudia 47057 Sternbuschweg 74
– Corinne 47057 Bismarck- 58
– Cornelia 47119 Schill- 56
– Dagmar 47167 Schlachthof- 54
– Daniel 47057 Gneisenau- 214
– Daniel 47137 Schmidt- 22
– Danny 47051 Heuser- 18
– Delia 47166 Gottlieb- 20
– Detlef 47167 Holtener- 313
Schroeder Detlef
47055 Schmiede- 19a
Schröder Dieter
47279 Finkenschlag 36
– Dieter 47058 Moltke- 32
– Dieter 47199 Pander- 8
– Dirk 47269 Ahren- 8
Firmen, Gewerbebetriebe usw. nach Namen – siehe gelber Teil	A-DU
